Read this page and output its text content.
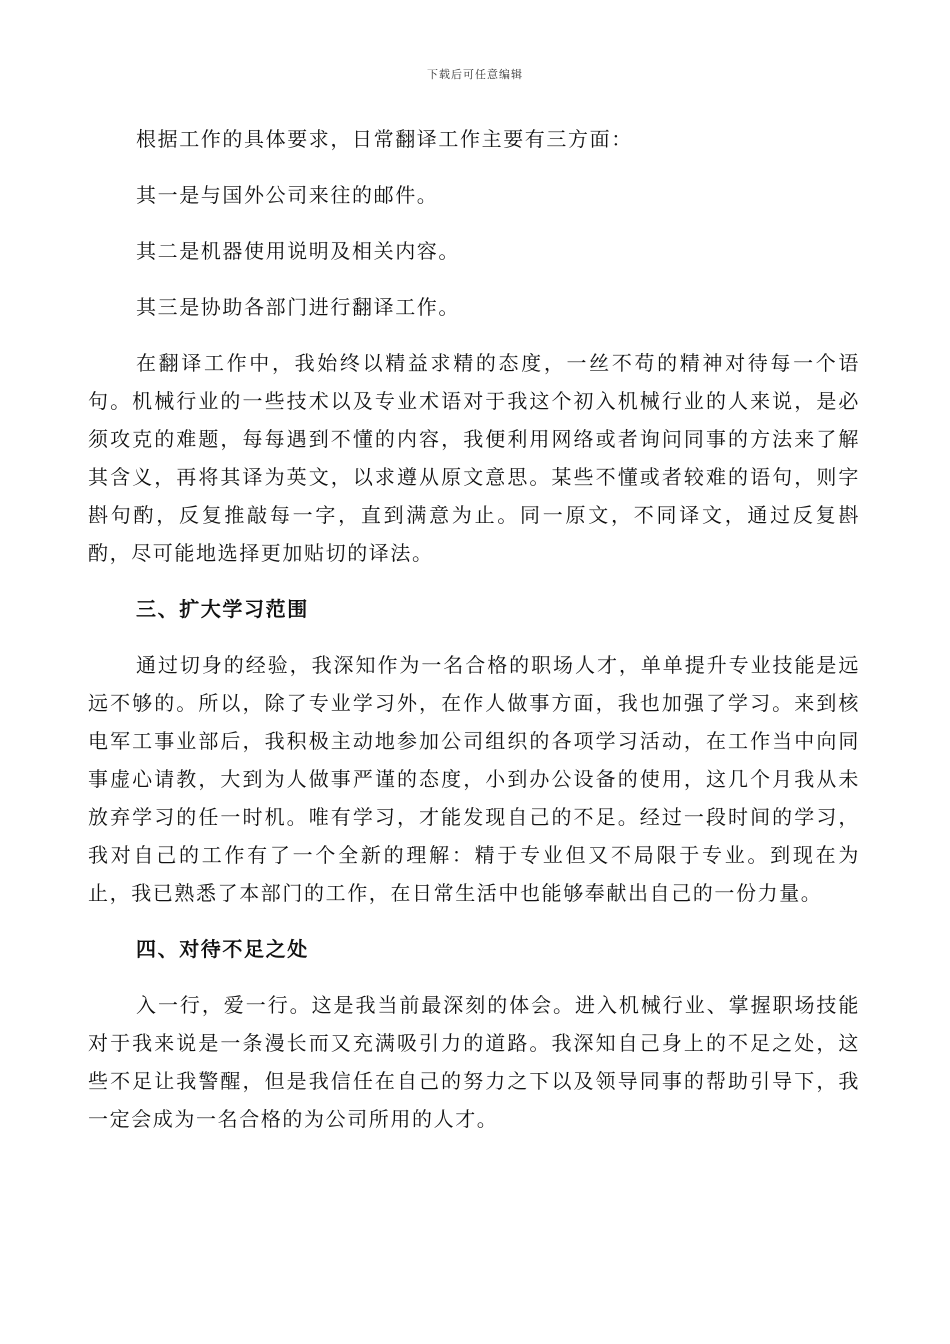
下载后可任意编辑

根据工作的具体要求，日常翻译工作主要有三方面：

其一是与国外公司来往的邮件。

其二是机器使用说明及相关内容。

其三是协助各部门进行翻译工作。

在翻译工作中，我始终以精益求精的态度，一丝不苟的精神对待每一个语句。机械行业的一些技术以及专业术语对于我这个初入机械行业的人来说，是必须攻克的难题，每每遇到不懂的内容，我便利用网络或者询问同事的方法来了解其含义，再将其译为英文，以求遵从原文意思。某些不懂或者较难的语句，则字斟句酌，反复推敲每一字，直到满意为止。同一原文，不同译文，通过反复斟酌，尽可能地选择更加贴切的译法。

三、扩大学习范围

通过切身的经验，我深知作为一名合格的职场人才，单单提升专业技能是远远不够的。所以，除了专业学习外，在作人做事方面，我也加强了学习。来到核电军工事业部后，我积极主动地参加公司组织的各项学习活动，在工作当中向同事虚心请教，大到为人做事严谨的态度，小到办公设备的使用，这几个月我从未放弃学习的任一时机。唯有学习，才能发现自己的不足。经过一段时间的学习，我对自己的工作有了一个全新的理解：精于专业但又不局限于专业。到现在为止，我已熟悉了本部门的工作，在日常生活中也能够奉献出自己的一份力量。

四、对待不足之处

入一行，爱一行。这是我当前最深刻的体会。进入机械行业、掌握职场技能对于我来说是一条漫长而又充满吸引力的道路。我深知自己身上的不足之处，这些不足让我警醒，但是我信任在自己的努力之下以及领导同事的帮助引导下，我一定会成为一名合格的为公司所用的人才。
